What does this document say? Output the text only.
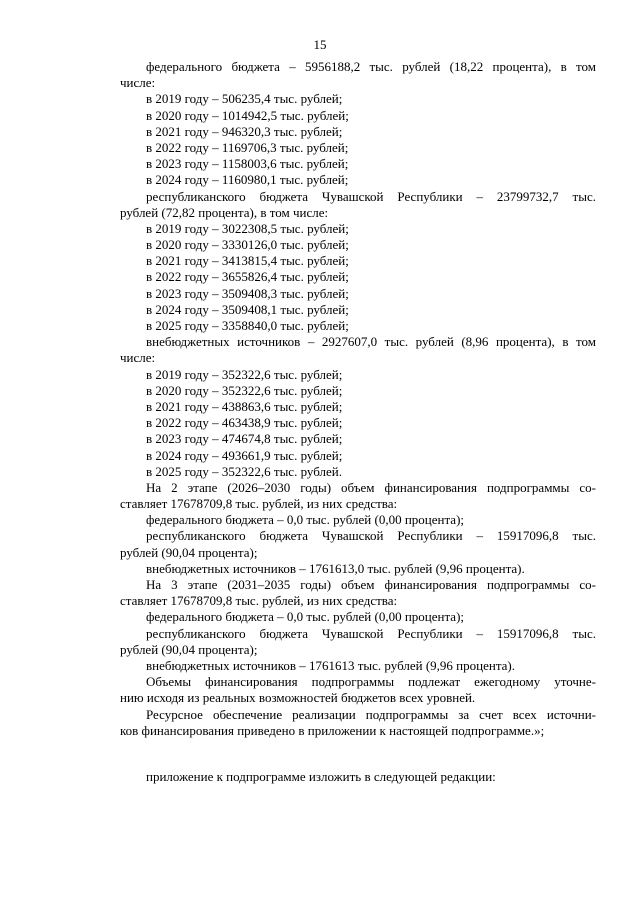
15
федерального бюджета – 5956188,2 тыс. рублей (18,22 процента), в том
числе:
в 2019 году – 506235,4 тыс. рублей;
в 2020 году – 1014942,5 тыс. рублей;
в 2021 году – 946320,3 тыс. рублей;
в 2022 году – 1169706,3 тыс. рублей;
в 2023 году – 1158003,6 тыс. рублей;
в 2024 году – 1160980,1 тыс. рублей;
республиканского бюджета Чувашской Республики – 23799732,7 тыс.
рублей (72,82 процента), в том числе:
в 2019 году – 3022308,5 тыс. рублей;
в 2020 году – 3330126,0 тыс. рублей;
в 2021 году – 3413815,4 тыс. рублей;
в 2022 году – 3655826,4 тыс. рублей;
в 2023 году – 3509408,3 тыс. рублей;
в 2024 году – 3509408,1 тыс. рублей;
в 2025 году – 3358840,0 тыс. рублей;
внебюджетных источников – 2927607,0 тыс. рублей (8,96 процента), в том
числе:
в 2019 году – 352322,6 тыс. рублей;
в 2020 году – 352322,6 тыс. рублей;
в 2021 году – 438863,6 тыс. рублей;
в 2022 году – 463438,9 тыс. рублей;
в 2023 году – 474674,8 тыс. рублей;
в 2024 году – 493661,9 тыс. рублей;
в 2025 году – 352322,6 тыс. рублей.
На 2 этапе (2026–2030 годы) объем финансирования подпрограммы со-
ставляет 17678709,8 тыс. рублей, из них средства:
федерального бюджета – 0,0 тыс. рублей (0,00 процента);
республиканского бюджета Чувашской Республики – 15917096,8 тыс.
рублей (90,04 процента);
внебюджетных источников – 1761613,0 тыс. рублей (9,96 процента).
На 3 этапе (2031–2035 годы) объем финансирования подпрограммы со-
ставляет 17678709,8 тыс. рублей, из них средства:
федерального бюджета – 0,0 тыс. рублей (0,00 процента);
республиканского бюджета Чувашской Республики – 15917096,8 тыс.
рублей (90,04 процента);
внебюджетных источников – 1761613 тыс. рублей (9,96 процента).
Объемы финансирования подпрограммы подлежат ежегодному уточне-
нию исходя из реальных возможностей бюджетов всех уровней.
Ресурсное обеспечение реализации подпрограммы за счет всех источни-
ков финансирования приведено в приложении к настоящей подпрограмме.»;
приложение к подпрограмме изложить в следующей редакции:
